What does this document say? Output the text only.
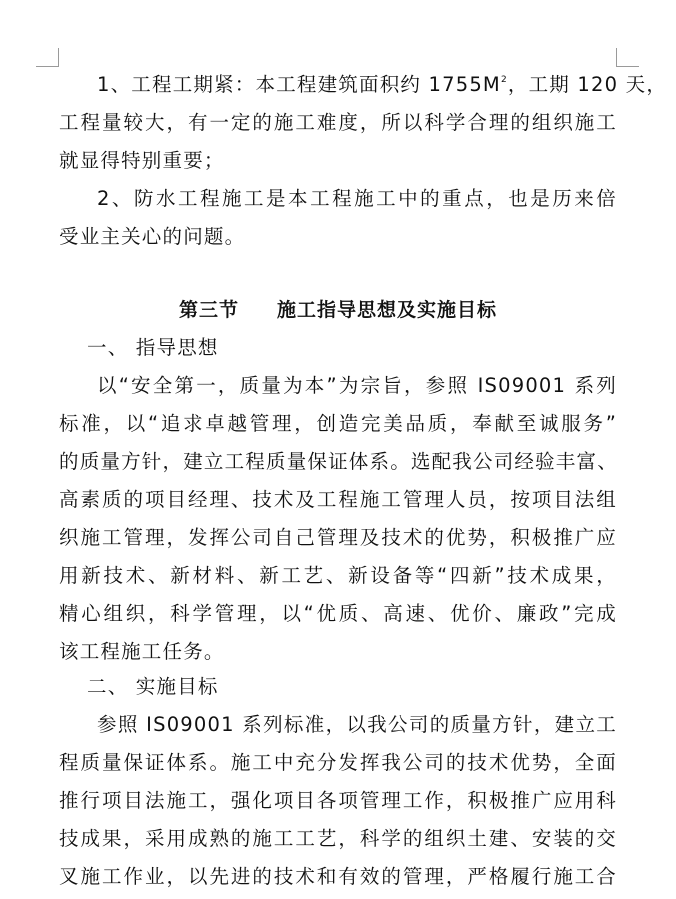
1、工程工期紧：本工程建筑面积约 $1755M^2$，工期 120 天，
工程量较大，有一定的施工难度，所以科学合理的组织施工
就显得特别重要；
2、防水工程施工是本工程施工中的重点，也是历来倍
受业主关心的问题。
第三节 施工指导思想及实施目标
一、 指导思想
以“安全第一，质量为本”为宗旨，参照 IS09001 系列
标准，以“追求卓越管理，创造完美品质，奉献至诚服务”
的质量方针，建立工程质量保证体系。选配我公司经验丰富、
高素质的项目经理、技术及工程施工管理人员，按项目法组
织施工管理，发挥公司自己管理及技术的优势，积极推广应
用新技术、新材料、新工艺、新设备等“四新”技术成果，
精心组织，科学管理，以“优质、高速、优价、廉政”完成
该工程施工任务。
二、 实施目标
参照 IS09001 系列标准，以我公司的质量方针，建立工
程质量保证体系。施工中充分发挥我公司的技术优势，全面
推行项目法施工，强化项目各项管理工作，积极推广应用科
技成果，采用成熟的施工工艺，科学的组织土建、安装的交
叉施工作业，以先进的技术和有效的管理，严格履行施工合
